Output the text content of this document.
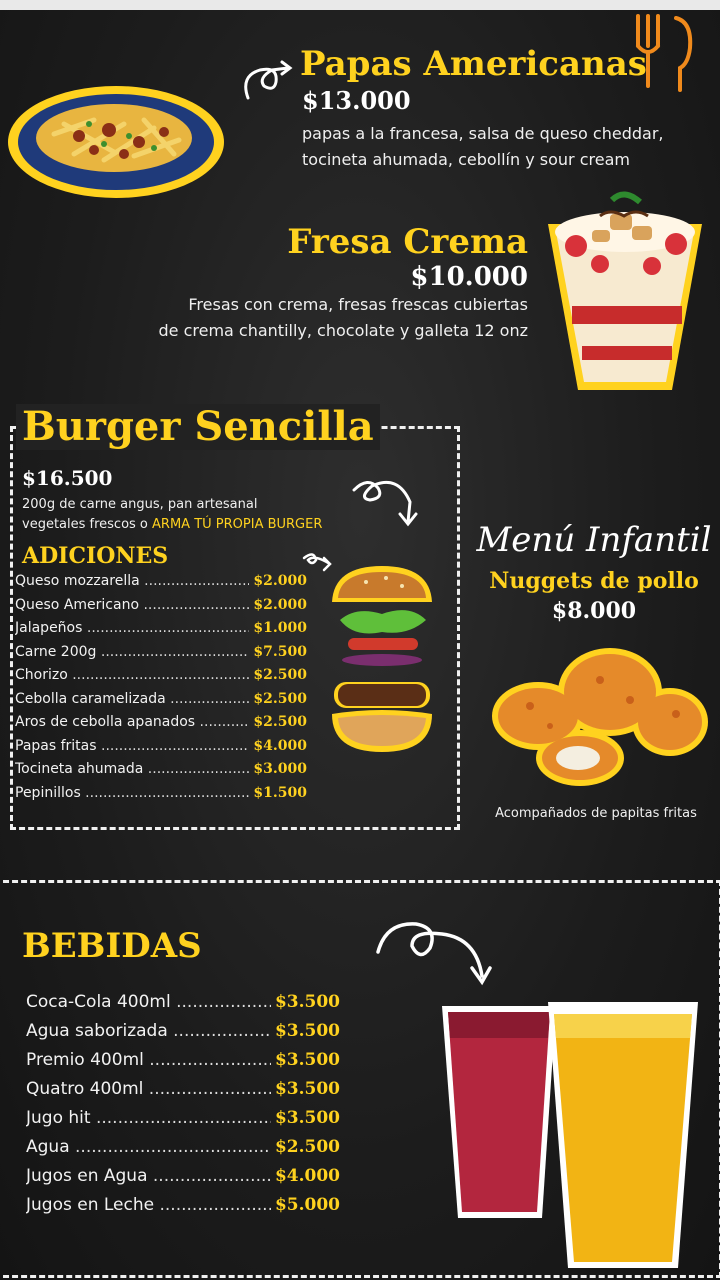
Papas Americanas
$13.000
papas a la francesa, salsa de queso cheddar,
tocineta ahumada, cebollín y sour cream
Fresa Crema
$10.000
Fresas con crema, fresas frescas cubiertas
de crema chantilly, chocolate y galleta 12 onz
Burger Sencilla
$16.500
200g de carne angus, pan artesanal
vegetales frescos o ARMA TÚ PROPIA BURGER
ADICIONES
Queso mozzarella .....	$2.000
Queso Americano .....	$2.000
Jalapeños .....	$1.000
Carne 200g .....	$7.500
Chorizo .....	$2.500
Cebolla caramelizada .....	$2.500
Aros de cebolla apanados .....	$2.500
Papas fritas .....	$4.000
Tocineta ahumada .....	$3.000
Pepinillos .....	$1.500
Menú Infantil
Nuggets de pollo
$8.000
Acompañados de papitas fritas
BEBIDAS
Coca-Cola 400ml .....	$3.500
Agua saborizada .....	$3.500
Premio 400ml .....	$3.500
Quatro 400ml .....	$3.500
Jugo hit .....	$3.500
Agua .....	$2.500
Jugos en Agua .....	$4.000
Jugos en Leche .....	$5.000
